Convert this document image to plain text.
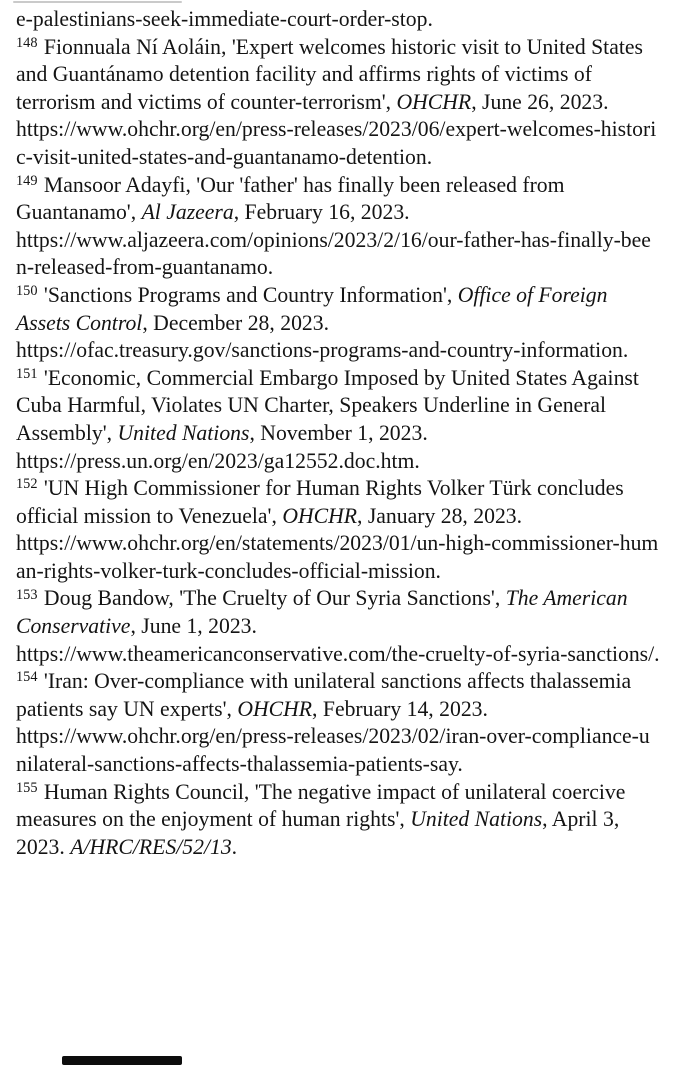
e-palestinians-seek-immediate-court-order-stop.
$^{148}$ Fionnuala Ní Aoláin, 'Expert welcomes historic visit to United States
and Guantánamo detention facility and affirms rights of victims of
terrorism and victims of counter-terrorism', OHCHR, June 26, 2023.
https://www.ohchr.org/en/press-releases/2023/06/expert-welcomes-histori
c-visit-united-states-and-guantanamo-detention.
$^{149}$ Mansoor Adayfi, 'Our 'father' has finally been released from
Guantanamo', Al Jazeera, February 16, 2023.
https://www.aljazeera.com/opinions/2023/2/16/our-father-has-finally-bee
n-released-from-guantanamo.
$^{150}$ 'Sanctions Programs and Country Information', Office of Foreign
Assets Control, December 28, 2023.
https://ofac.treasury.gov/sanctions-programs-and-country-information.
$^{151}$ 'Economic, Commercial Embargo Imposed by United States Against
Cuba Harmful, Violates UN Charter, Speakers Underline in General
Assembly', United Nations, November 1, 2023.
https://press.un.org/en/2023/ga12552.doc.htm.
$^{152}$ 'UN High Commissioner for Human Rights Volker Türk concludes
official mission to Venezuela', OHCHR, January 28, 2023.
https://www.ohchr.org/en/statements/2023/01/un-high-commissioner-hum
an-rights-volker-turk-concludes-official-mission.
$^{153}$ Doug Bandow, 'The Cruelty of Our Syria Sanctions', The American
Conservative, June 1, 2023.
https://www.theamericanconservative.com/the-cruelty-of-syria-sanctions/.
$^{154}$ 'Iran: Over-compliance with unilateral sanctions affects thalassemia
patients say UN experts', OHCHR, February 14, 2023.
https://www.ohchr.org/en/press-releases/2023/02/iran-over-compliance-u
nilateral-sanctions-affects-thalassemia-patients-say.
$^{155}$ Human Rights Council, 'The negative impact of unilateral coercive
measures on the enjoyment of human rights', United Nations, April 3,
2023. A/HRC/RES/52/13.
